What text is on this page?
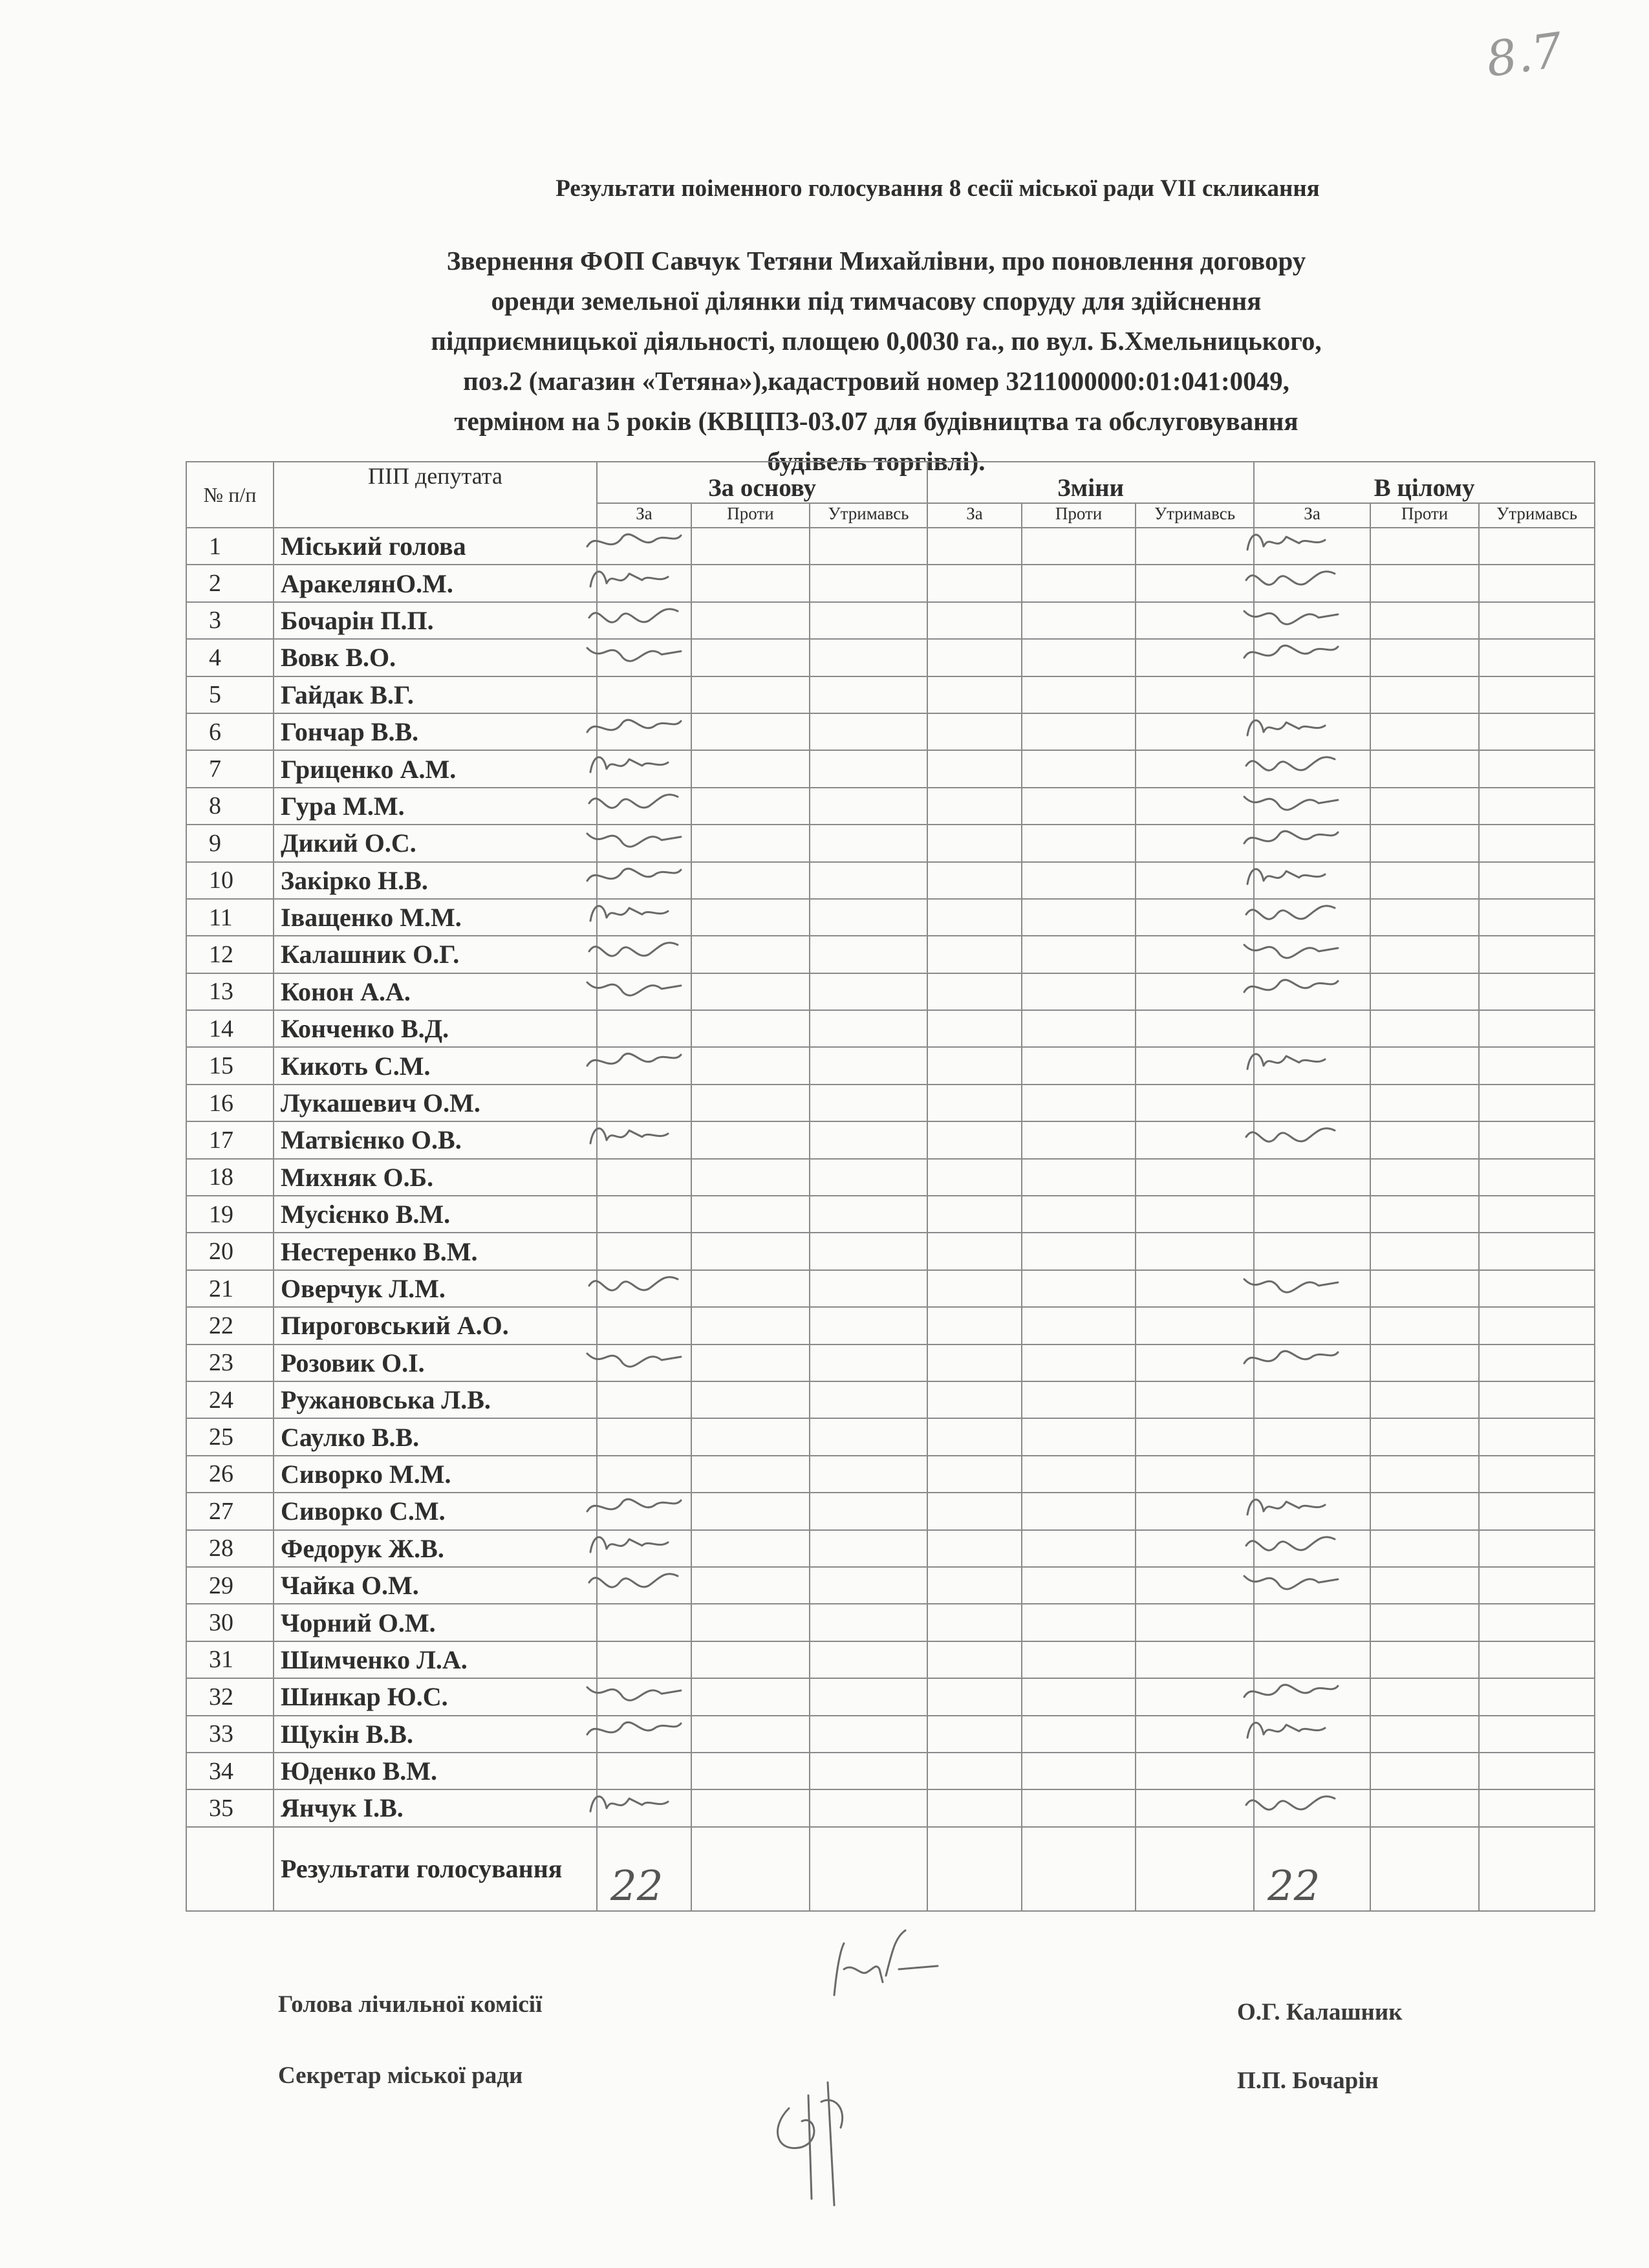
8.7
Результати поіменного голосування 8 сесії міської ради VII скликання
Звернення ФОП Савчук Тетяни Михайлівни, про поновлення договору
оренди земельної ділянки під тимчасову споруду для здійснення
підприємницької діяльності, площею 0,0030 га., по вул. Б.Хмельницького,
поз.2 (магазин «Тетяна»),кадастровий номер 3211000000:01:041:0049,
терміном на 5 років (КВЦПЗ-03.07 для будівництва та обслуговування
будівель торгівлі).
№ п/п	ПІП депутата	За основу			Зміни			В цілому		
		За	Проти	Утримавсь	За	Проти	Утримавсь	За	Проти	Утримавсь
1	Міський голова									
2	АракелянО.М.									
3	Бочарін П.П.									
4	Вовк В.О.									
5	Гайдак В.Г.									
6	Гончар В.В.									
7	Гриценко А.М.									
8	Гура М.М.									
9	Дикий О.С.									
10	Закірко Н.В.									
11	Іващенко М.М.									
12	Калашник О.Г.									
13	Конон А.А.									
14	Конченко В.Д.									
15	Кикоть С.М.									
16	Лукашевич О.М.									
17	Матвієнко О.В.									
18	Михняк О.Б.									
19	Мусієнко В.М.									
20	Нестеренко В.М.									
21	Оверчук Л.М.									
22	Пироговський А.О.									
23	Розовик О.І.									
24	Ружановська Л.В.									
25	Саулко В.В.									
26	Сиворко М.М.									
27	Сиворко С.М.									
28	Федорук Ж.В.									
29	Чайка О.М.									
30	Чорний О.М.									
31	Шимченко Л.А.									
32	Шинкар Ю.С.									
33	Щукін В.В.									
34	Юденко В.М.									
35	Янчук І.В.									
	Результати голосування	22						22		
Голова лічильної комісії	О.Г. Калашник
Секретар міської ради	П.П. Бочарін
